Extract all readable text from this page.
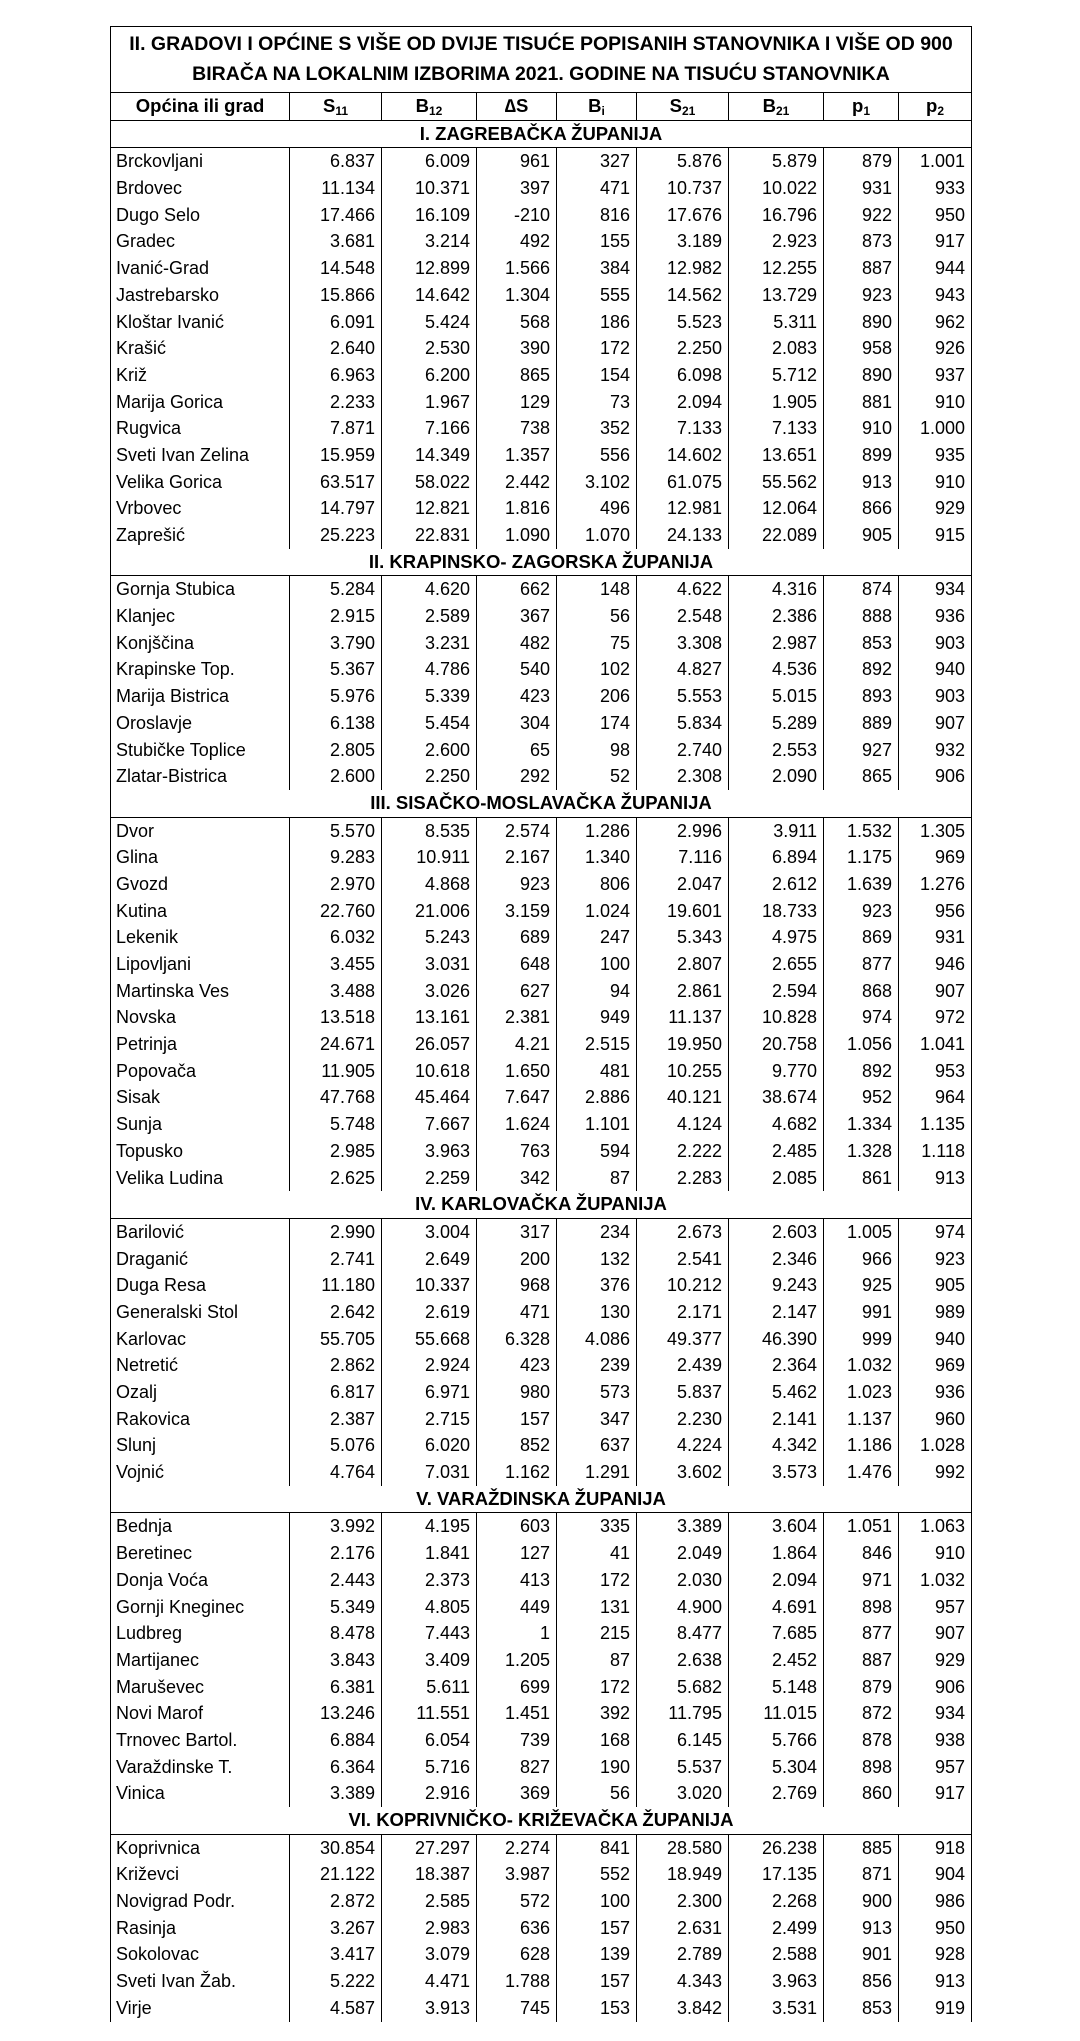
II. GRADOVI I OPĆINE S VIŠE OD DVIJE TISUĆE POPISANIH STANOVNIKA I VIŠE OD 900 BIRAČA NA LOKALNIM IZBORIMA 2021. GODINE NA TISUĆU STANOVNIKA
Općina ili grad	$S_{11}$	$B_{12}$	∆S	$B_i$	$S_{21}$	$B_{21}$	$p_1$	$p_2$
I. ZAGREBAČKA ŽUPANIJA
Brckovljani	6.837	6.009	961	327	5.876	5.879	879	1.001
Brdovec	11.134	10.371	397	471	10.737	10.022	931	933
Dugo Selo	17.466	16.109	-210	816	17.676	16.796	922	950
Gradec	3.681	3.214	492	155	3.189	2.923	873	917
Ivanić-Grad	14.548	12.899	1.566	384	12.982	12.255	887	944
Jastrebarsko	15.866	14.642	1.304	555	14.562	13.729	923	943
Kloštar Ivanić	6.091	5.424	568	186	5.523	5.311	890	962
Krašić	2.640	2.530	390	172	2.250	2.083	958	926
Križ	6.963	6.200	865	154	6.098	5.712	890	937
Marija Gorica	2.233	1.967	129	73	2.094	1.905	881	910
Rugvica	7.871	7.166	738	352	7.133	7.133	910	1.000
Sveti Ivan Zelina	15.959	14.349	1.357	556	14.602	13.651	899	935
Velika Gorica	63.517	58.022	2.442	3.102	61.075	55.562	913	910
Vrbovec	14.797	12.821	1.816	496	12.981	12.064	866	929
Zaprešić	25.223	22.831	1.090	1.070	24.133	22.089	905	915
II. KRAPINSKO- ZAGORSKA ŽUPANIJA
Gornja Stubica	5.284	4.620	662	148	4.622	4.316	874	934
Klanjec	2.915	2.589	367	56	2.548	2.386	888	936
Konjščina	3.790	3.231	482	75	3.308	2.987	853	903
Krapinske Top.	5.367	4.786	540	102	4.827	4.536	892	940
Marija Bistrica	5.976	5.339	423	206	5.553	5.015	893	903
Oroslavje	6.138	5.454	304	174	5.834	5.289	889	907
Stubičke Toplice	2.805	2.600	65	98	2.740	2.553	927	932
Zlatar-Bistrica	2.600	2.250	292	52	2.308	2.090	865	906
III. SISAČKO-MOSLAVAČKA ŽUPANIJA
Dvor	5.570	8.535	2.574	1.286	2.996	3.911	1.532	1.305
Glina	9.283	10.911	2.167	1.340	7.116	6.894	1.175	969
Gvozd	2.970	4.868	923	806	2.047	2.612	1.639	1.276
Kutina	22.760	21.006	3.159	1.024	19.601	18.733	923	956
Lekenik	6.032	5.243	689	247	5.343	4.975	869	931
Lipovljani	3.455	3.031	648	100	2.807	2.655	877	946
Martinska Ves	3.488	3.026	627	94	2.861	2.594	868	907
Novska	13.518	13.161	2.381	949	11.137	10.828	974	972
Petrinja	24.671	26.057	4.21	2.515	19.950	20.758	1.056	1.041
Popovača	11.905	10.618	1.650	481	10.255	9.770	892	953
Sisak	47.768	45.464	7.647	2.886	40.121	38.674	952	964
Sunja	5.748	7.667	1.624	1.101	4.124	4.682	1.334	1.135
Topusko	2.985	3.963	763	594	2.222	2.485	1.328	1.118
Velika Ludina	2.625	2.259	342	87	2.283	2.085	861	913
IV. KARLOVAČKA ŽUPANIJA
Barilović	2.990	3.004	317	234	2.673	2.603	1.005	974
Draganić	2.741	2.649	200	132	2.541	2.346	966	923
Duga Resa	11.180	10.337	968	376	10.212	9.243	925	905
Generalski Stol	2.642	2.619	471	130	2.171	2.147	991	989
Karlovac	55.705	55.668	6.328	4.086	49.377	46.390	999	940
Netretić	2.862	2.924	423	239	2.439	2.364	1.032	969
Ozalj	6.817	6.971	980	573	5.837	5.462	1.023	936
Rakovica	2.387	2.715	157	347	2.230	2.141	1.137	960
Slunj	5.076	6.020	852	637	4.224	4.342	1.186	1.028
Vojnić	4.764	7.031	1.162	1.291	3.602	3.573	1.476	992
V. VARAŽDINSKA ŽUPANIJA
Bednja	3.992	4.195	603	335	3.389	3.604	1.051	1.063
Beretinec	2.176	1.841	127	41	2.049	1.864	846	910
Donja Voća	2.443	2.373	413	172	2.030	2.094	971	1.032
Gornji Kneginec	5.349	4.805	449	131	4.900	4.691	898	957
Ludbreg	8.478	7.443	1	215	8.477	7.685	877	907
Martijanec	3.843	3.409	1.205	87	2.638	2.452	887	929
Maruševec	6.381	5.611	699	172	5.682	5.148	879	906
Novi Marof	13.246	11.551	1.451	392	11.795	11.015	872	934
Trnovec Bartol.	6.884	6.054	739	168	6.145	5.766	878	938
Varaždinske T.	6.364	5.716	827	190	5.537	5.304	898	957
Vinica	3.389	2.916	369	56	3.020	2.769	860	917
VI. KOPRIVNIČKO- KRIŽEVAČKA ŽUPANIJA
Koprivnica	30.854	27.297	2.274	841	28.580	26.238	885	918
Križevci	21.122	18.387	3.987	552	18.949	17.135	871	904
Novigrad Podr.	2.872	2.585	572	100	2.300	2.268	900	986
Rasinja	3.267	2.983	636	157	2.631	2.499	913	950
Sokolovac	3.417	3.079	628	139	2.789	2.588	901	928
Sveti Ivan Žab.	5.222	4.471	1.788	157	4.343	3.963	856	913
Virje	4.587	3.913	745	153	3.842	3.531	853	919
